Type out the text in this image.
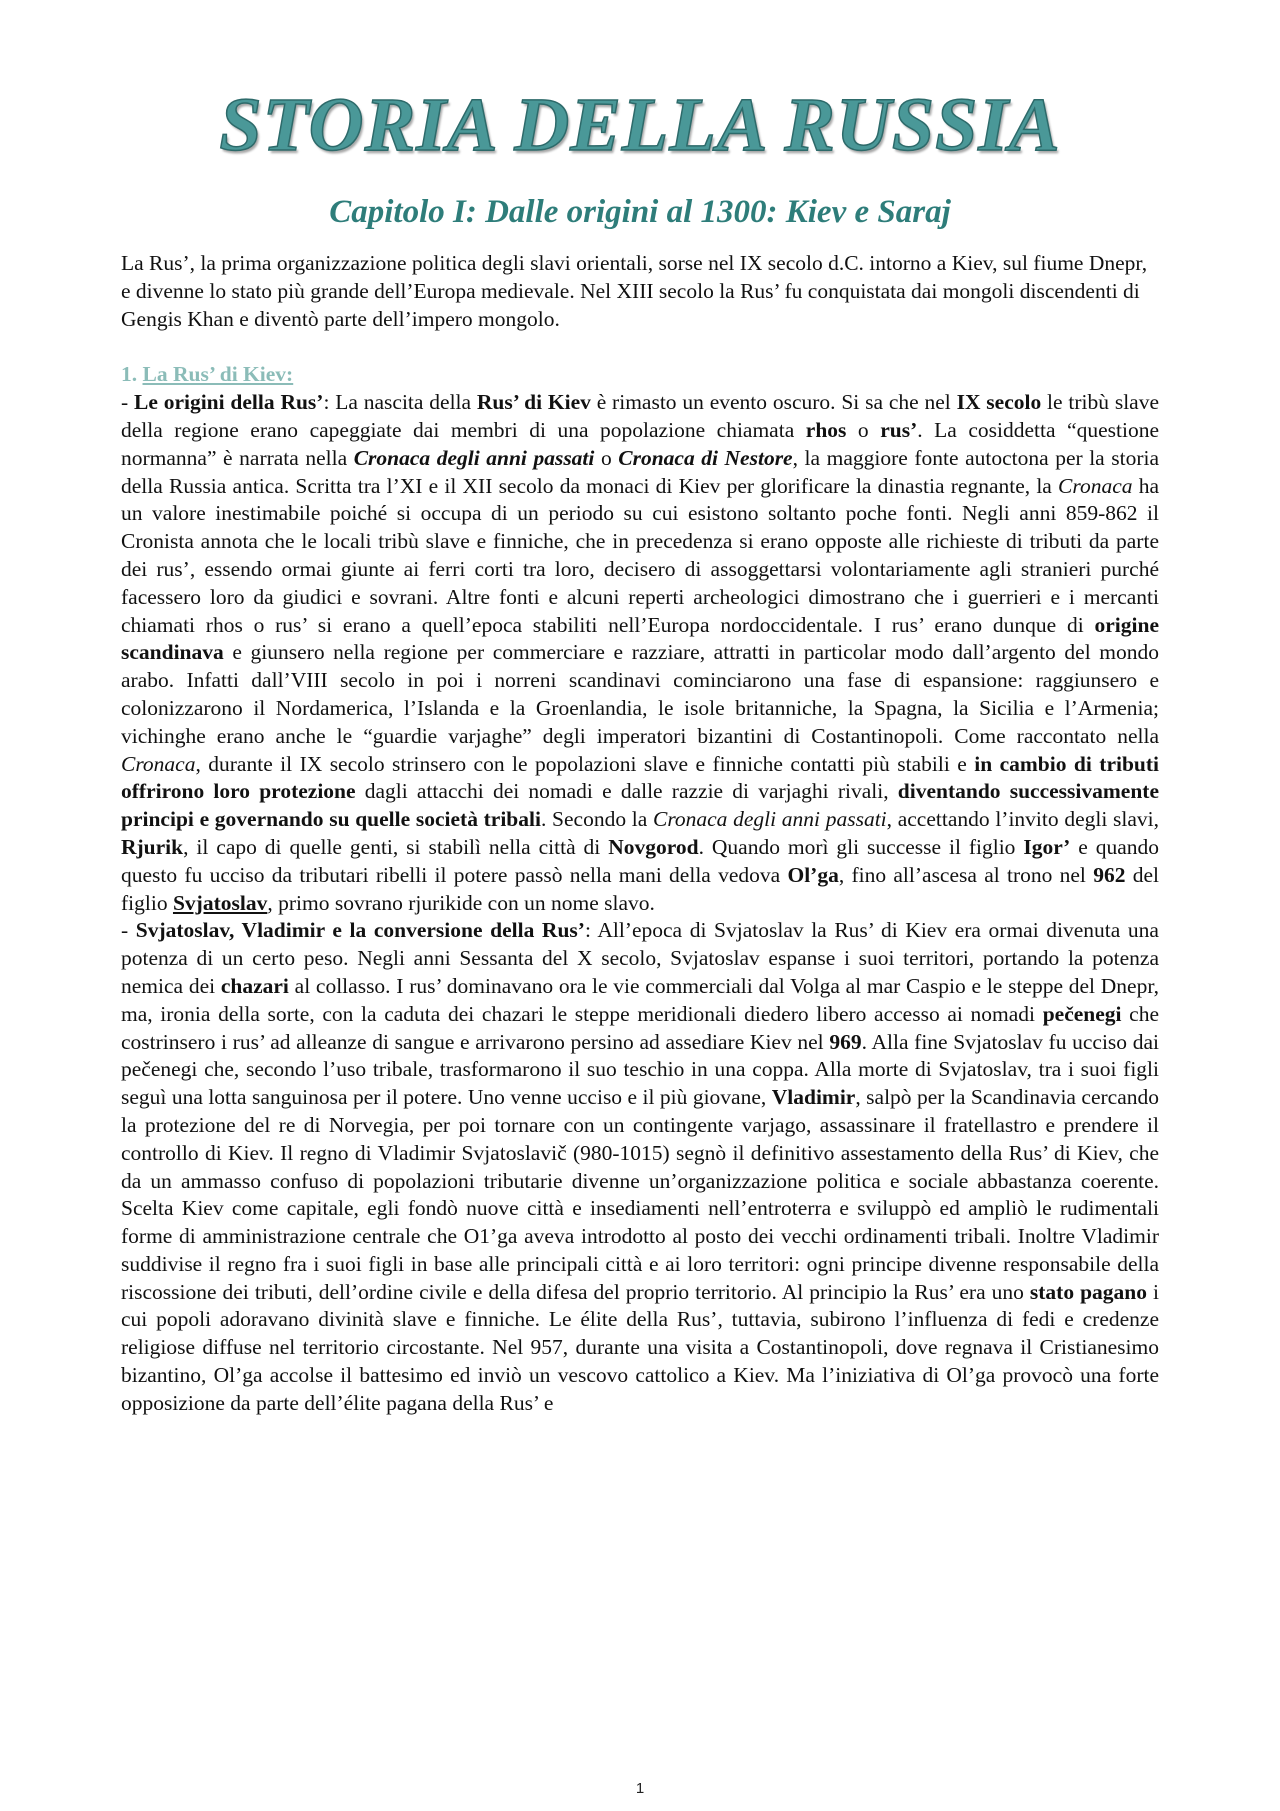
STORIA DELLA RUSSIA
Capitolo I: Dalle origini al 1300: Kiev e Saraj

La Rus’, la prima organizzazione politica degli slavi orientali, sorse nel IX secolo d.C. intorno a Kiev, sul fiume Dnepr, e divenne lo stato più grande dell’Europa medievale. Nel XIII secolo la Rus’ fu conquistata dai mongoli discendenti di Gengis Khan e diventò parte dell’impero mongolo.

1. La Rus’ di Kiev:

- Le origini della Rus’: La nascita della Rus’ di Kiev è rimasto un evento oscuro. Si sa che nel IX secolo le tribù slave della regione erano capeggiate dai membri di una popolazione chiamata rhos o rus’. La cosiddetta “questione normanna” è narrata nella Cronaca degli anni passati o Cronaca di Nestore, la maggiore fonte autoctona per la storia della Russia antica. Scritta tra l’XI e il XII secolo da monaci di Kiev per glorificare la dinastia regnante, la Cronaca ha un valore inestimabile poiché si occupa di un periodo su cui esistono soltanto poche fonti. Negli anni 859-862 il Cronista annota che le locali tribù slave e finniche, che in precedenza si erano opposte alle richieste di tributi da parte dei rus’, essendo ormai giunte ai ferri corti tra loro, decisero di assoggettarsi volontariamente agli stranieri purché facessero loro da giudici e sovrani. Altre fonti e alcuni reperti archeologici dimostrano che i guerrieri e i mercanti chiamati rhos o rus’ si erano a quell’epoca stabiliti nell’Europa nordoccidentale. I rus’ erano dunque di origine scandinava e giunsero nella regione per commerciare e razziare, attratti in particolar modo dall’argento del mondo arabo. Infatti dall’VIII secolo in poi i norreni scandinavi cominciarono una fase di espansione: raggiunsero e colonizzarono il Nordamerica, l’Islanda e la Groenlandia, le isole britanniche, la Spagna, la Sicilia e l’Armenia; vichinghe erano anche le “guardie varjaghe” degli imperatori bizantini di Costantinopoli. Come raccontato nella Cronaca, durante il IX secolo strinsero con le popolazioni slave e finniche contatti più stabili e in cambio di tributi offrirono loro protezione dagli attacchi dei nomadi e dalle razzie di varjaghi rivali, diventando successivamente principi e governando su quelle società tribali. Secondo la Cronaca degli anni passati, accettando l’invito degli slavi, Rjurik, il capo di quelle genti, si stabilì nella città di Novgorod. Quando morì gli successe il figlio Igor’ e quando questo fu ucciso da tributari ribelli il potere passò nella mani della vedova Ol’ga, fino all’ascesa al trono nel 962 del figlio Svjatoslav, primo sovrano rjurikide con un nome slavo.

- Svjatoslav, Vladimir e la conversione della Rus’: All’epoca di Svjatoslav la Rus’ di Kiev era ormai divenuta una potenza di un certo peso. Negli anni Sessanta del X secolo, Svjatoslav espanse i suoi territori, portando la potenza nemica dei chazari al collasso. I rus’ dominavano ora le vie commerciali dal Volga al mar Caspio e le steppe del Dnepr, ma, ironia della sorte, con la caduta dei chazari le steppe meridionali diedero libero accesso ai nomadi pečenegi che costrinsero i rus’ ad alleanze di sangue e arrivarono persino ad assediare Kiev nel 969. Alla fine Svjatoslav fu ucciso dai pečenegi che, secondo l’uso tribale, trasformarono il suo teschio in una coppa. Alla morte di Svjatoslav, tra i suoi figli seguì una lotta sanguinosa per il potere. Uno venne ucciso e il più giovane, Vladimir, salpò per la Scandinavia cercando la protezione del re di Norvegia, per poi tornare con un contingente varjago, assassinare il fratellastro e prendere il controllo di Kiev. Il regno di Vladimir Svjatoslavič (980-1015) segnò il definitivo assestamento della Rus’ di Kiev, che da un ammasso confuso di popolazioni tributarie divenne un’organizzazione politica e sociale abbastanza coerente. Scelta Kiev come capitale, egli fondò nuove città e insediamenti nell’entroterra e sviluppò ed ampliò le rudimentali forme di amministrazione centrale che O1’ga aveva introdotto al posto dei vecchi ordinamenti tribali. Inoltre Vladimir suddivise il regno fra i suoi figli in base alle principali città e ai loro territori: ogni principe divenne responsabile della riscossione dei tributi, dell’ordine civile e della difesa del proprio territorio. Al principio la Rus’ era uno stato pagano i cui popoli adoravano divinità slave e finniche. Le élite della Rus’, tuttavia, subirono l’influenza di fedi e credenze religiose diffuse nel territorio circostante. Nel 957, durante una visita a Costantinopoli, dove regnava il Cristianesimo bizantino, Ol’ga accolse il battesimo ed inviò un vescovo cattolico a Kiev. Ma l’iniziativa di Ol’ga provocò una forte opposizione da parte dell’élite pagana della Rus’ e

1
